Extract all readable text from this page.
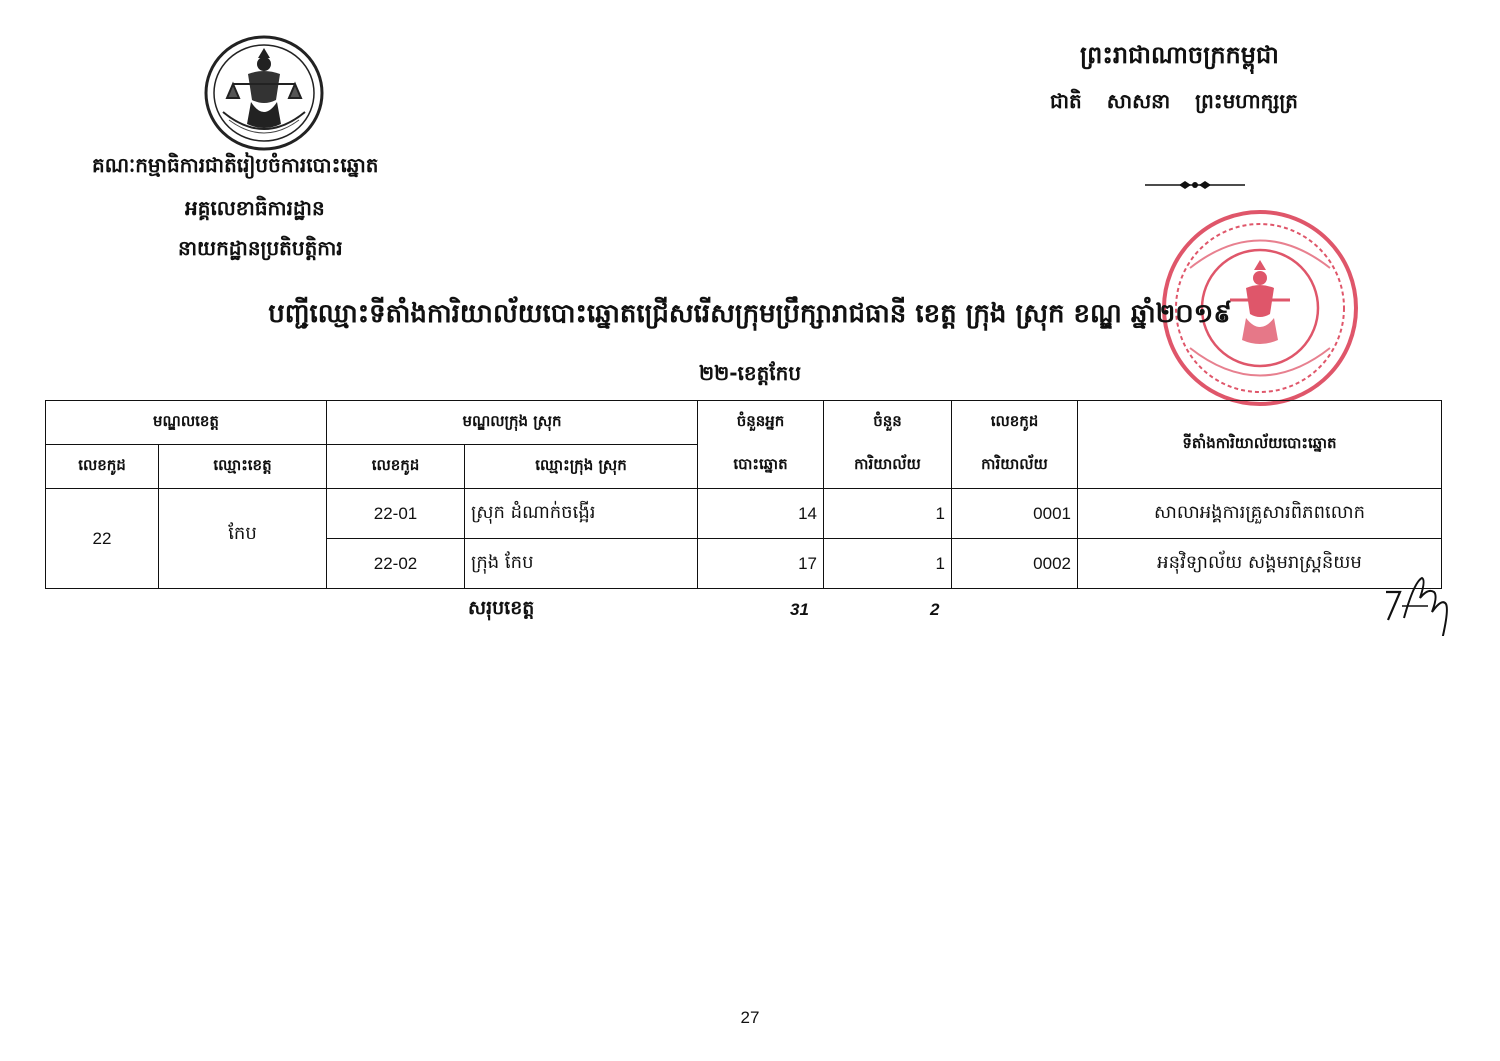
គណៈកម្មាធិការជាតិរៀបចំការបោះឆ្នោត
អគ្គលេខាធិការដ្ឋាន
នាយកដ្ឋានប្រតិបត្តិការ
ព្រះរាជាណាចក្រកម្ពុជា
ជាតិ សាសនា ព្រះមហាក្សត្រ
បញ្ជីឈ្មោះទីតាំងការិយាល័យបោះឆ្នោតជ្រើសរើសក្រុមប្រឹក្សារាជធានី ខេត្ត ក្រុង ស្រុក ខណ្ឌ ឆ្នាំ២០១៩
២២-ខេត្តកែប
មណ្ឌលខេត្ត		មណ្ឌលក្រុង ស្រុក		ចំនួនអ្នក	ចំនួន	លេខកូដ	ទីតាំងការិយាល័យបោះឆ្នោត
លេខកូដ	ឈ្មោះខេត្ត	លេខកូដ	ឈ្មោះក្រុង ស្រុក	បោះឆ្នោត	ការិយាល័យ	ការិយាល័យ	
22	កែប	22-01	ស្រុក ដំណាក់ចង្អើរ	14	1	0001	សាលាអង្គការគ្រួសារពិភពលោក
		22-02	ក្រុង កែប	17	1	0002	អនុវិទ្យាល័យ សង្គមរាស្ត្រនិយម
សរុបខេត្ត	31	2
27
